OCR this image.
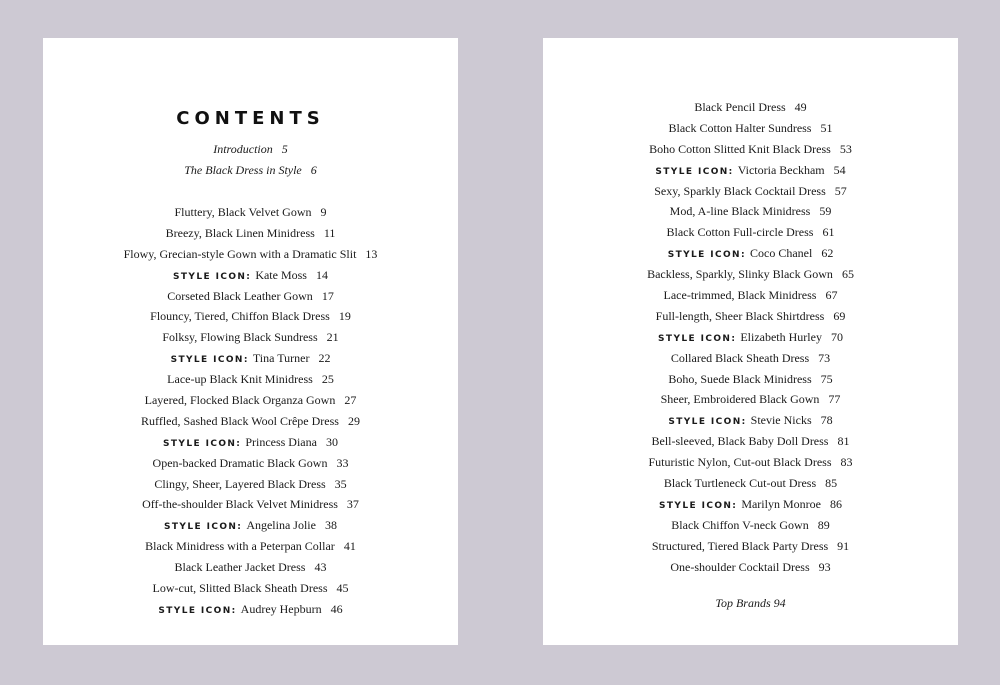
CONTENTS
Introduction 5
The Black Dress in Style 6
Fluttery, Black Velvet Gown 9
Breezy, Black Linen Minidress 11
Flowy, Grecian-style Gown with a Dramatic Slit 13
STYLE ICON: Kate Moss 14
Corseted Black Leather Gown 17
Flouncy, Tiered, Chiffon Black Dress 19
Folksy, Flowing Black Sundress 21
STYLE ICON: Tina Turner 22
Lace-up Black Knit Minidress 25
Layered, Flocked Black Organza Gown 27
Ruffled, Sashed Black Wool Crêpe Dress 29
STYLE ICON: Princess Diana 30
Open-backed Dramatic Black Gown 33
Clingy, Sheer, Layered Black Dress 35
Off-the-shoulder Black Velvet Minidress 37
STYLE ICON: Angelina Jolie 38
Black Minidress with a Peterpan Collar 41
Black Leather Jacket Dress 43
Low-cut, Slitted Black Sheath Dress 45
STYLE ICON: Audrey Hepburn 46
Black Pencil Dress 49
Black Cotton Halter Sundress 51
Boho Cotton Slitted Knit Black Dress 53
STYLE ICON: Victoria Beckham 54
Sexy, Sparkly Black Cocktail Dress 57
Mod, A-line Black Minidress 59
Black Cotton Full-circle Dress 61
STYLE ICON: Coco Chanel 62
Backless, Sparkly, Slinky Black Gown 65
Lace-trimmed, Black Minidress 67
Full-length, Sheer Black Shirtdress 69
STYLE ICON: Elizabeth Hurley 70
Collared Black Sheath Dress 73
Boho, Suede Black Minidress 75
Sheer, Embroidered Black Gown 77
STYLE ICON: Stevie Nicks 78
Bell-sleeved, Black Baby Doll Dress 81
Futuristic Nylon, Cut-out Black Dress 83
Black Turtleneck Cut-out Dress 85
STYLE ICON: Marilyn Monroe 86
Black Chiffon V-neck Gown 89
Structured, Tiered Black Party Dress 91
One-shoulder Cocktail Dress 93
Top Brands 94
